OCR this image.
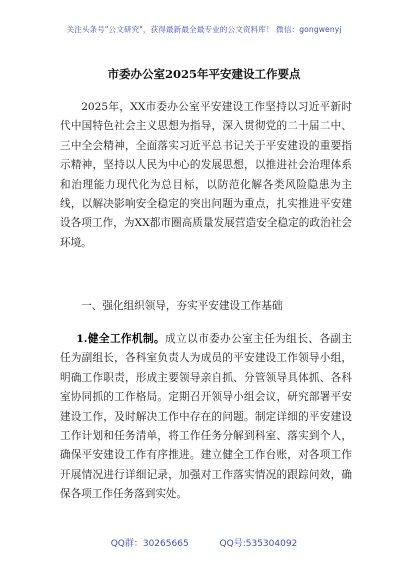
关注头条号"公文研究"，获得最新最全最专业的公文资料库！ 微信：gongwenyj
市委办公室2025年平安建设工作要点
2025年，XX市委办公室平安建设工作坚持以习近平新时代中国特色社会主义思想为指导，深入贯彻党的二十届二中、三中全会精神，全面落实习近平总书记关于平安建设的重要指示精神，坚持以人民为中心的发展思想，以推进社会治理体系和治理能力现代化为总目标，以防范化解各类风险隐患为主线，以解决影响安全稳定的突出问题为重点，扎实推进平安建设各项工作，为XX都市圈高质量发展营造安全稳定的政治社会环境。
一、强化组织领导，夯实平安建设工作基础
1.健全工作机制。成立以市委办公室主任为组长、各副主任为副组长，各科室负责人为成员的平安建设工作领导小组，明确工作职责，形成主要领导亲自抓、分管领导具体抓、各科室协同抓的工作格局。定期召开领导小组会议，研究部署平安建设工作，及时解决工作中存在的问题。制定详细的平安建设工作计划和任务清单，将工作任务分解到科室、落实到个人，确保平安建设工作有序推进。建立健全工作台账，对各项工作开展情况进行详细记录，加强对工作落实情况的跟踪问效，确保各项工作任务落到实处。
QQ群：30265665	QQ号:535304092
